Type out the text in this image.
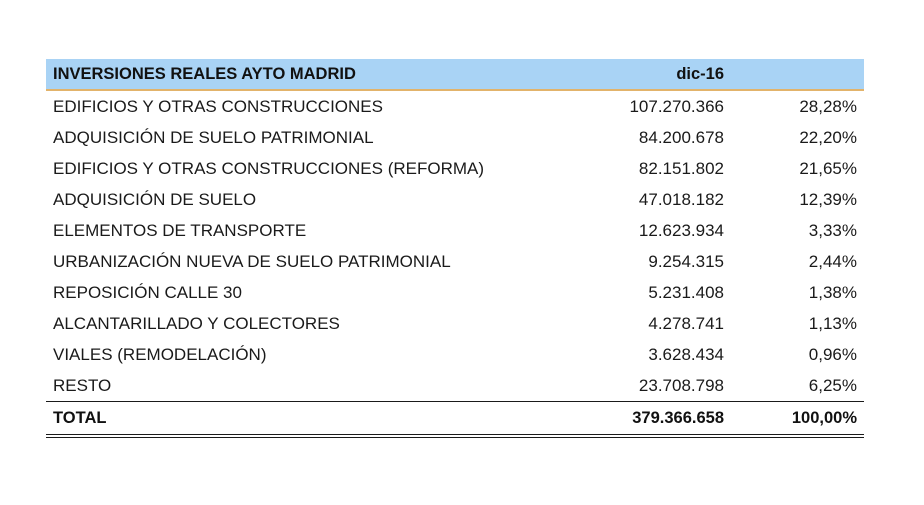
INVERSIONES REALES AYTO MADRID	dic-16	
EDIFICIOS Y OTRAS CONSTRUCCIONES	107.270.366	28,28%
ADQUISICIÓN DE SUELO PATRIMONIAL	84.200.678	22,20%
EDIFICIOS Y OTRAS CONSTRUCCIONES (REFORMA)	82.151.802	21,65%
ADQUISICIÓN DE SUELO	47.018.182	12,39%
ELEMENTOS DE TRANSPORTE	12.623.934	3,33%
URBANIZACIÓN NUEVA DE SUELO PATRIMONIAL	9.254.315	2,44%
REPOSICIÓN CALLE 30	5.231.408	1,38%
ALCANTARILLADO Y COLECTORES	4.278.741	1,13%
VIALES (REMODELACIÓN)	3.628.434	0,96%
RESTO	23.708.798	6,25%
TOTAL	379.366.658	100,00%
